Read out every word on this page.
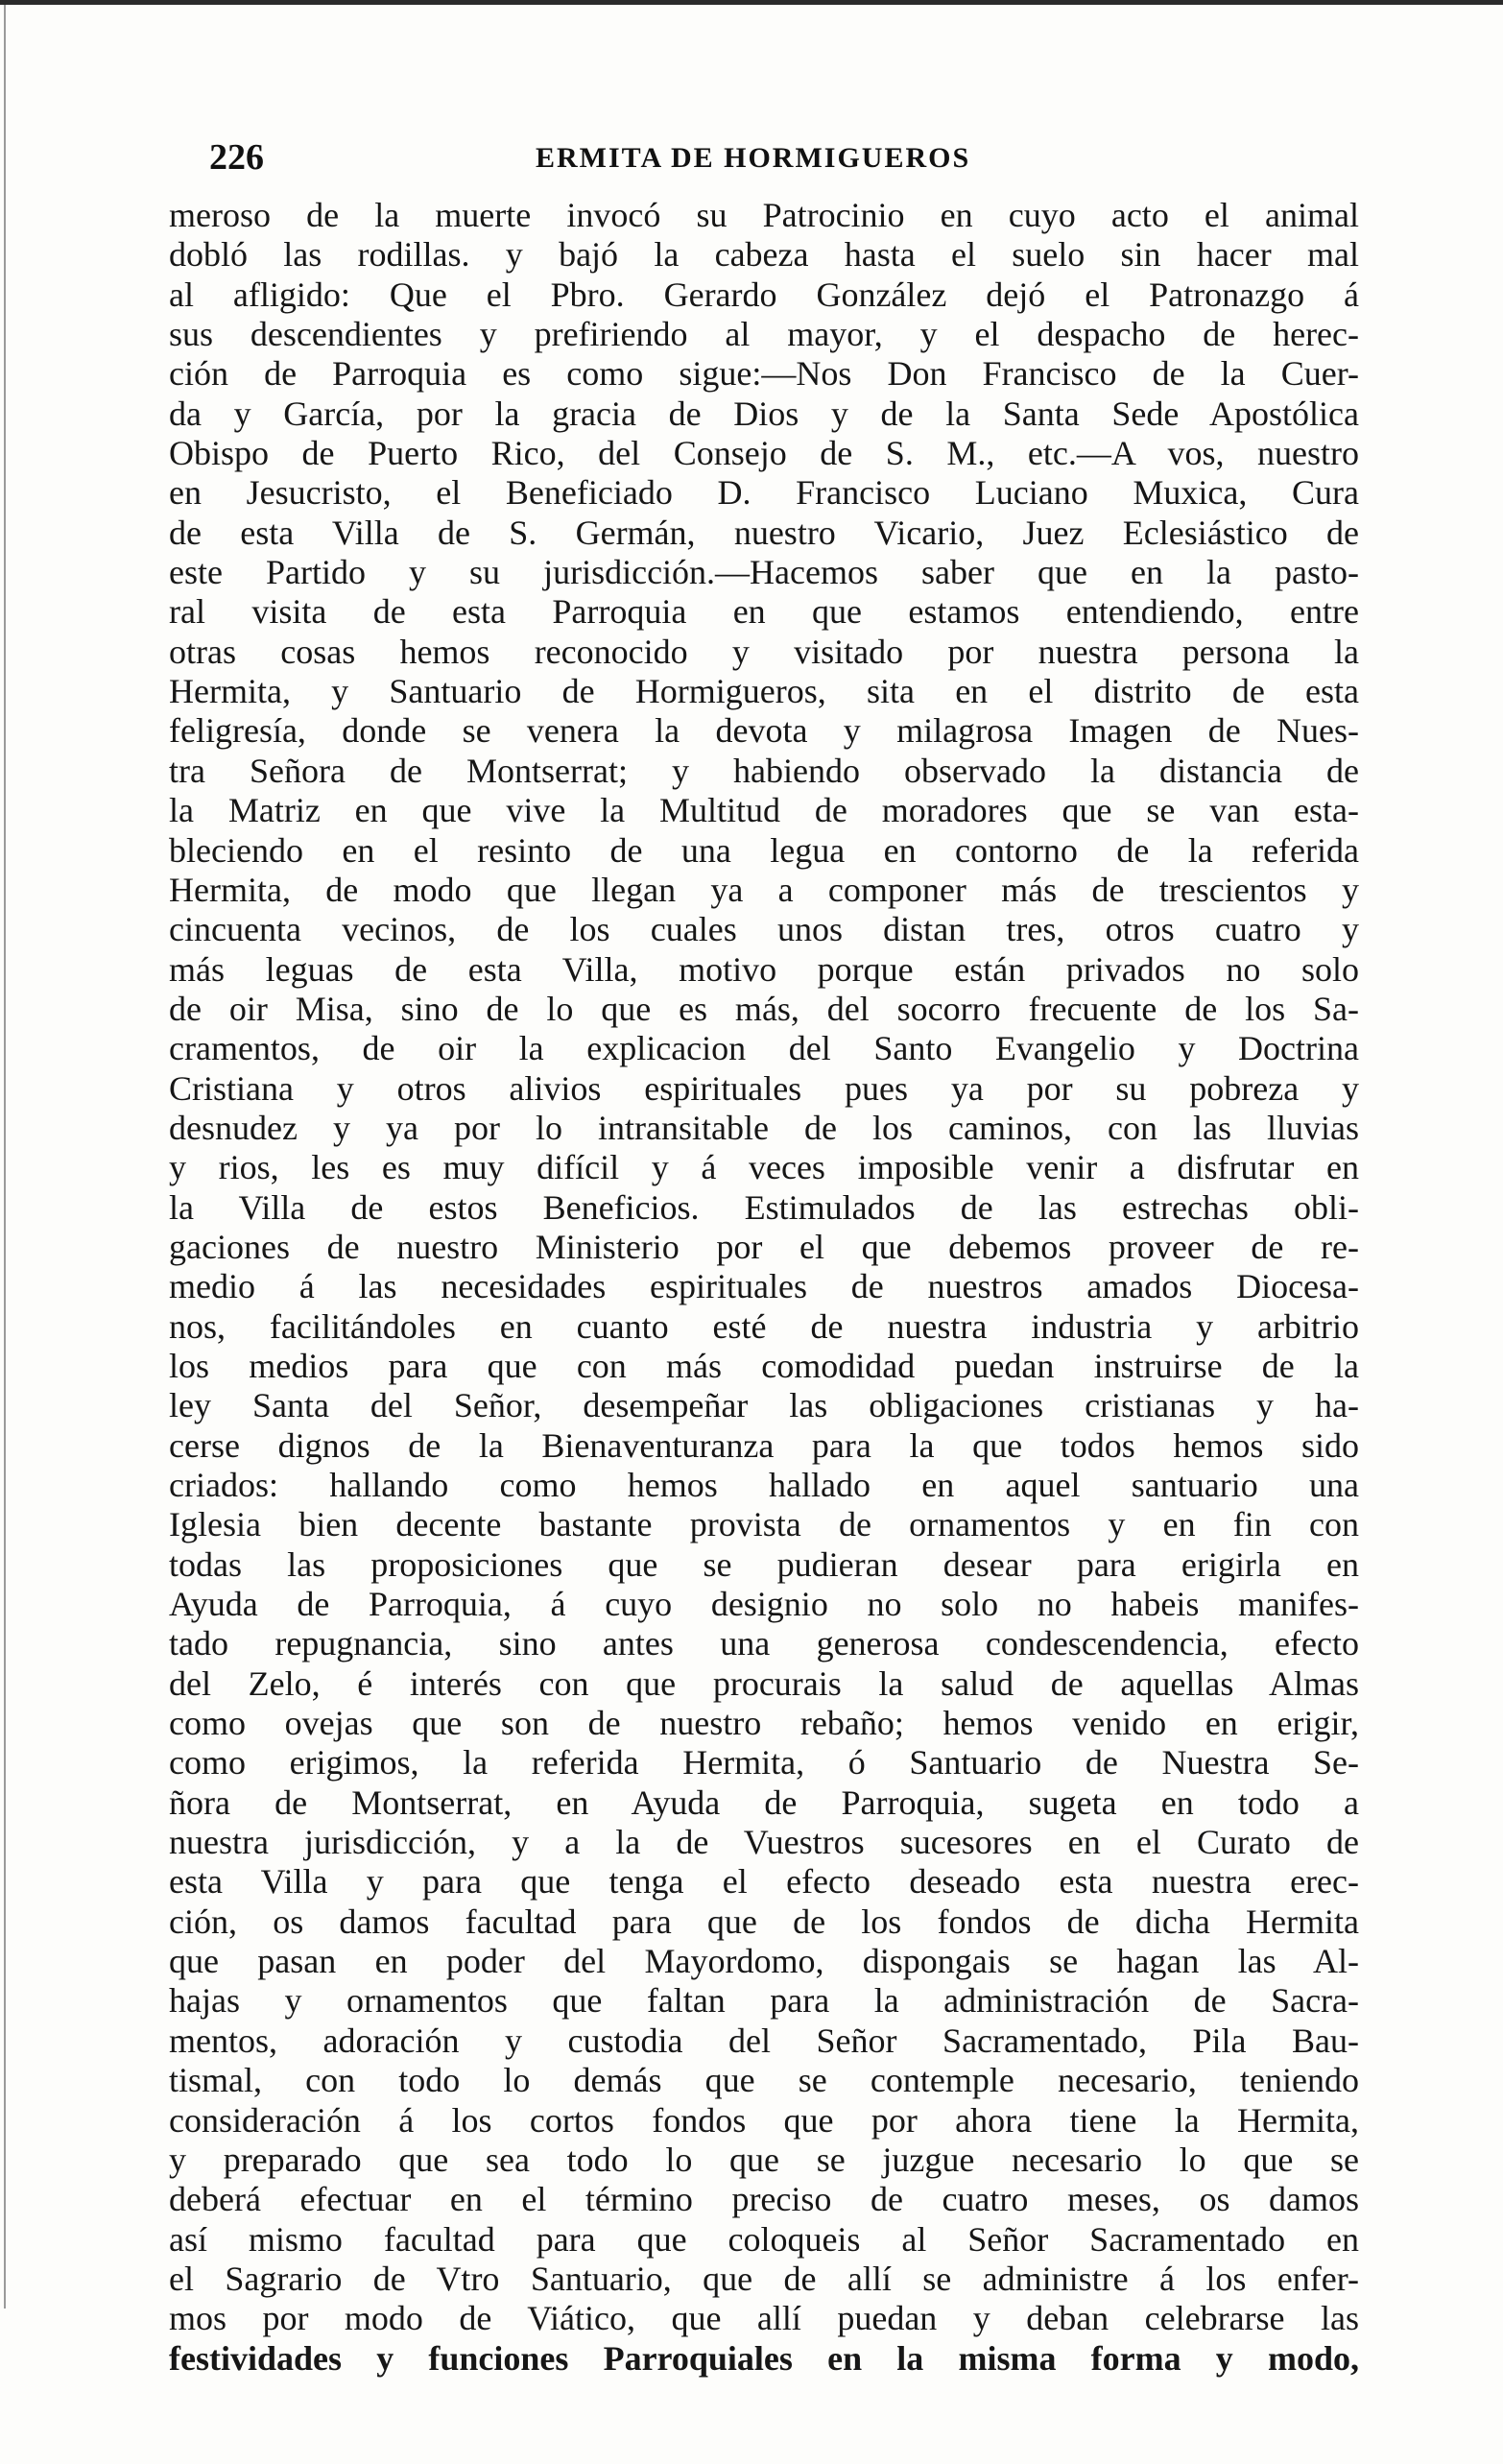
226	ERMITA DE HORMIGUEROS
meroso de la muerte invocó su Patrocinio en cuyo acto el animal
dobló las rodillas. y bajó la cabeza hasta el suelo sin hacer mal
al afligido: Que el Pbro. Gerardo González dejó el Patronazgo á
sus descendientes y prefiriendo al mayor, y el despacho de herec-
ción de Parroquia es como sigue:—Nos Don Francisco de la Cuer-
da y García, por la gracia de Dios y de la Santa Sede Apostólica
Obispo de Puerto Rico, del Consejo de S. M., etc.—A vos, nuestro
en Jesucristo, el Beneficiado D. Francisco Luciano Muxica, Cura
de esta Villa de S. Germán, nuestro Vicario, Juez Eclesiástico de
este Partido y su jurisdicción.—Hacemos saber que en la pasto-
ral visita de esta Parroquia en que estamos entendiendo, entre
otras cosas hemos reconocido y visitado por nuestra persona la
Hermita, y Santuario de Hormigueros, sita en el distrito de esta
feligresía, donde se venera la devota y milagrosa Imagen de Nues-
tra Señora de Montserrat; y habiendo observado la distancia de
la Matriz en que vive la Multitud de moradores que se van esta-
bleciendo en el resinto de una legua en contorno de la referida
Hermita, de modo que llegan ya a componer más de trescientos y
cincuenta vecinos, de los cuales unos distan tres, otros cuatro y
más leguas de esta Villa, motivo porque están privados no solo
de oir Misa, sino de lo que es más, del socorro frecuente de los Sa-
cramentos, de oir la explicacion del Santo Evangelio y Doctrina
Cristiana y otros alivios espirituales pues ya por su pobreza y
desnudez y ya por lo intransitable de los caminos, con las lluvias
y rios, les es muy difícil y á veces imposible venir a disfrutar en
la Villa de estos Beneficios. Estimulados de las estrechas obli-
gaciones de nuestro Ministerio por el que debemos proveer de re-
medio á las necesidades espirituales de nuestros amados Diocesa-
nos, facilitándoles en cuanto esté de nuestra industria y arbitrio
los medios para que con más comodidad puedan instruirse de la
ley Santa del Señor, desempeñar las obligaciones cristianas y ha-
cerse dignos de la Bienaventuranza para la que todos hemos sido
criados: hallando como hemos hallado en aquel santuario una
Iglesia bien decente bastante provista de ornamentos y en fin con
todas las proposiciones que se pudieran desear para erigirla en
Ayuda de Parroquia, á cuyo designio no solo no habeis manifes-
tado repugnancia, sino antes una generosa condescendencia, efecto
del Zelo, é interés con que procurais la salud de aquellas Almas
como ovejas que son de nuestro rebaño; hemos venido en erigir,
como erigimos, la referida Hermita, ó Santuario de Nuestra Se-
ñora de Montserrat, en Ayuda de Parroquia, sugeta en todo a
nuestra jurisdicción, y a la de Vuestros sucesores en el Curato de
esta Villa y para que tenga el efecto deseado esta nuestra erec-
ción, os damos facultad para que de los fondos de dicha Hermita
que pasan en poder del Mayordomo, dispongais se hagan las Al-
hajas y ornamentos que faltan para la administración de Sacra-
mentos, adoración y custodia del Señor Sacramentado, Pila Bau-
tismal, con todo lo demás que se contemple necesario, teniendo
consideración á los cortos fondos que por ahora tiene la Hermita,
y preparado que sea todo lo que se juzgue necesario lo que se
deberá efectuar en el término preciso de cuatro meses, os damos
así mismo facultad para que coloqueis al Señor Sacramentado en
el Sagrario de Vtro Santuario, que de allí se administre á los enfer-
mos por modo de Viático, que allí puedan y deban celebrarse las
festividades y funciones Parroquiales en la misma forma y modo,
